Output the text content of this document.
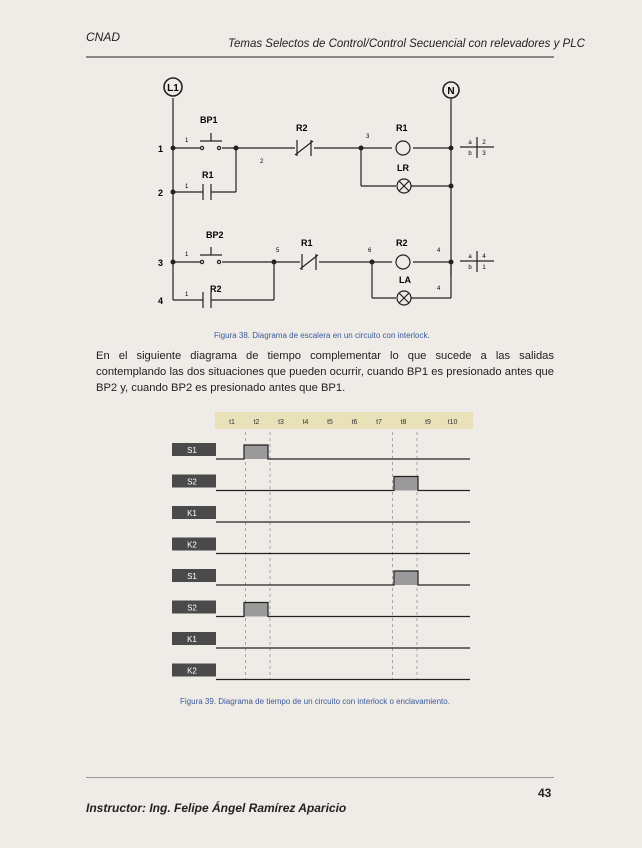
CNAD	Temas Selectos de Control/Control Secuencial con relevadores y PLC
L1	N
1
2
3
4
BP1
R1
R2	R1
LR
BP2
R1	R2
LA
R2
1
1
2
3
1
5	6	4
4
1
a
b
2
3
a
b
4
1
Figura 38. Diagrama de escalera en un circuito con interlock.
En el siguiente diagrama de tiempo complementar lo que sucede a las salidas contemplando las dos situaciones que pueden ocurrir, cuando BP1 es presionado antes que BP2 y, cuando BP2 es presionado antes que BP1.
t1	t2	t3	t4	t5	t6	t7	t8	t9 t10
S1
S2
K1
K2
S1
S2
K1
K2
Figura 39. Diagrama de tiempo de un circuito con interlock o enclavamiento.
43
Instructor: Ing. Felipe Ángel Ramírez Aparicio
